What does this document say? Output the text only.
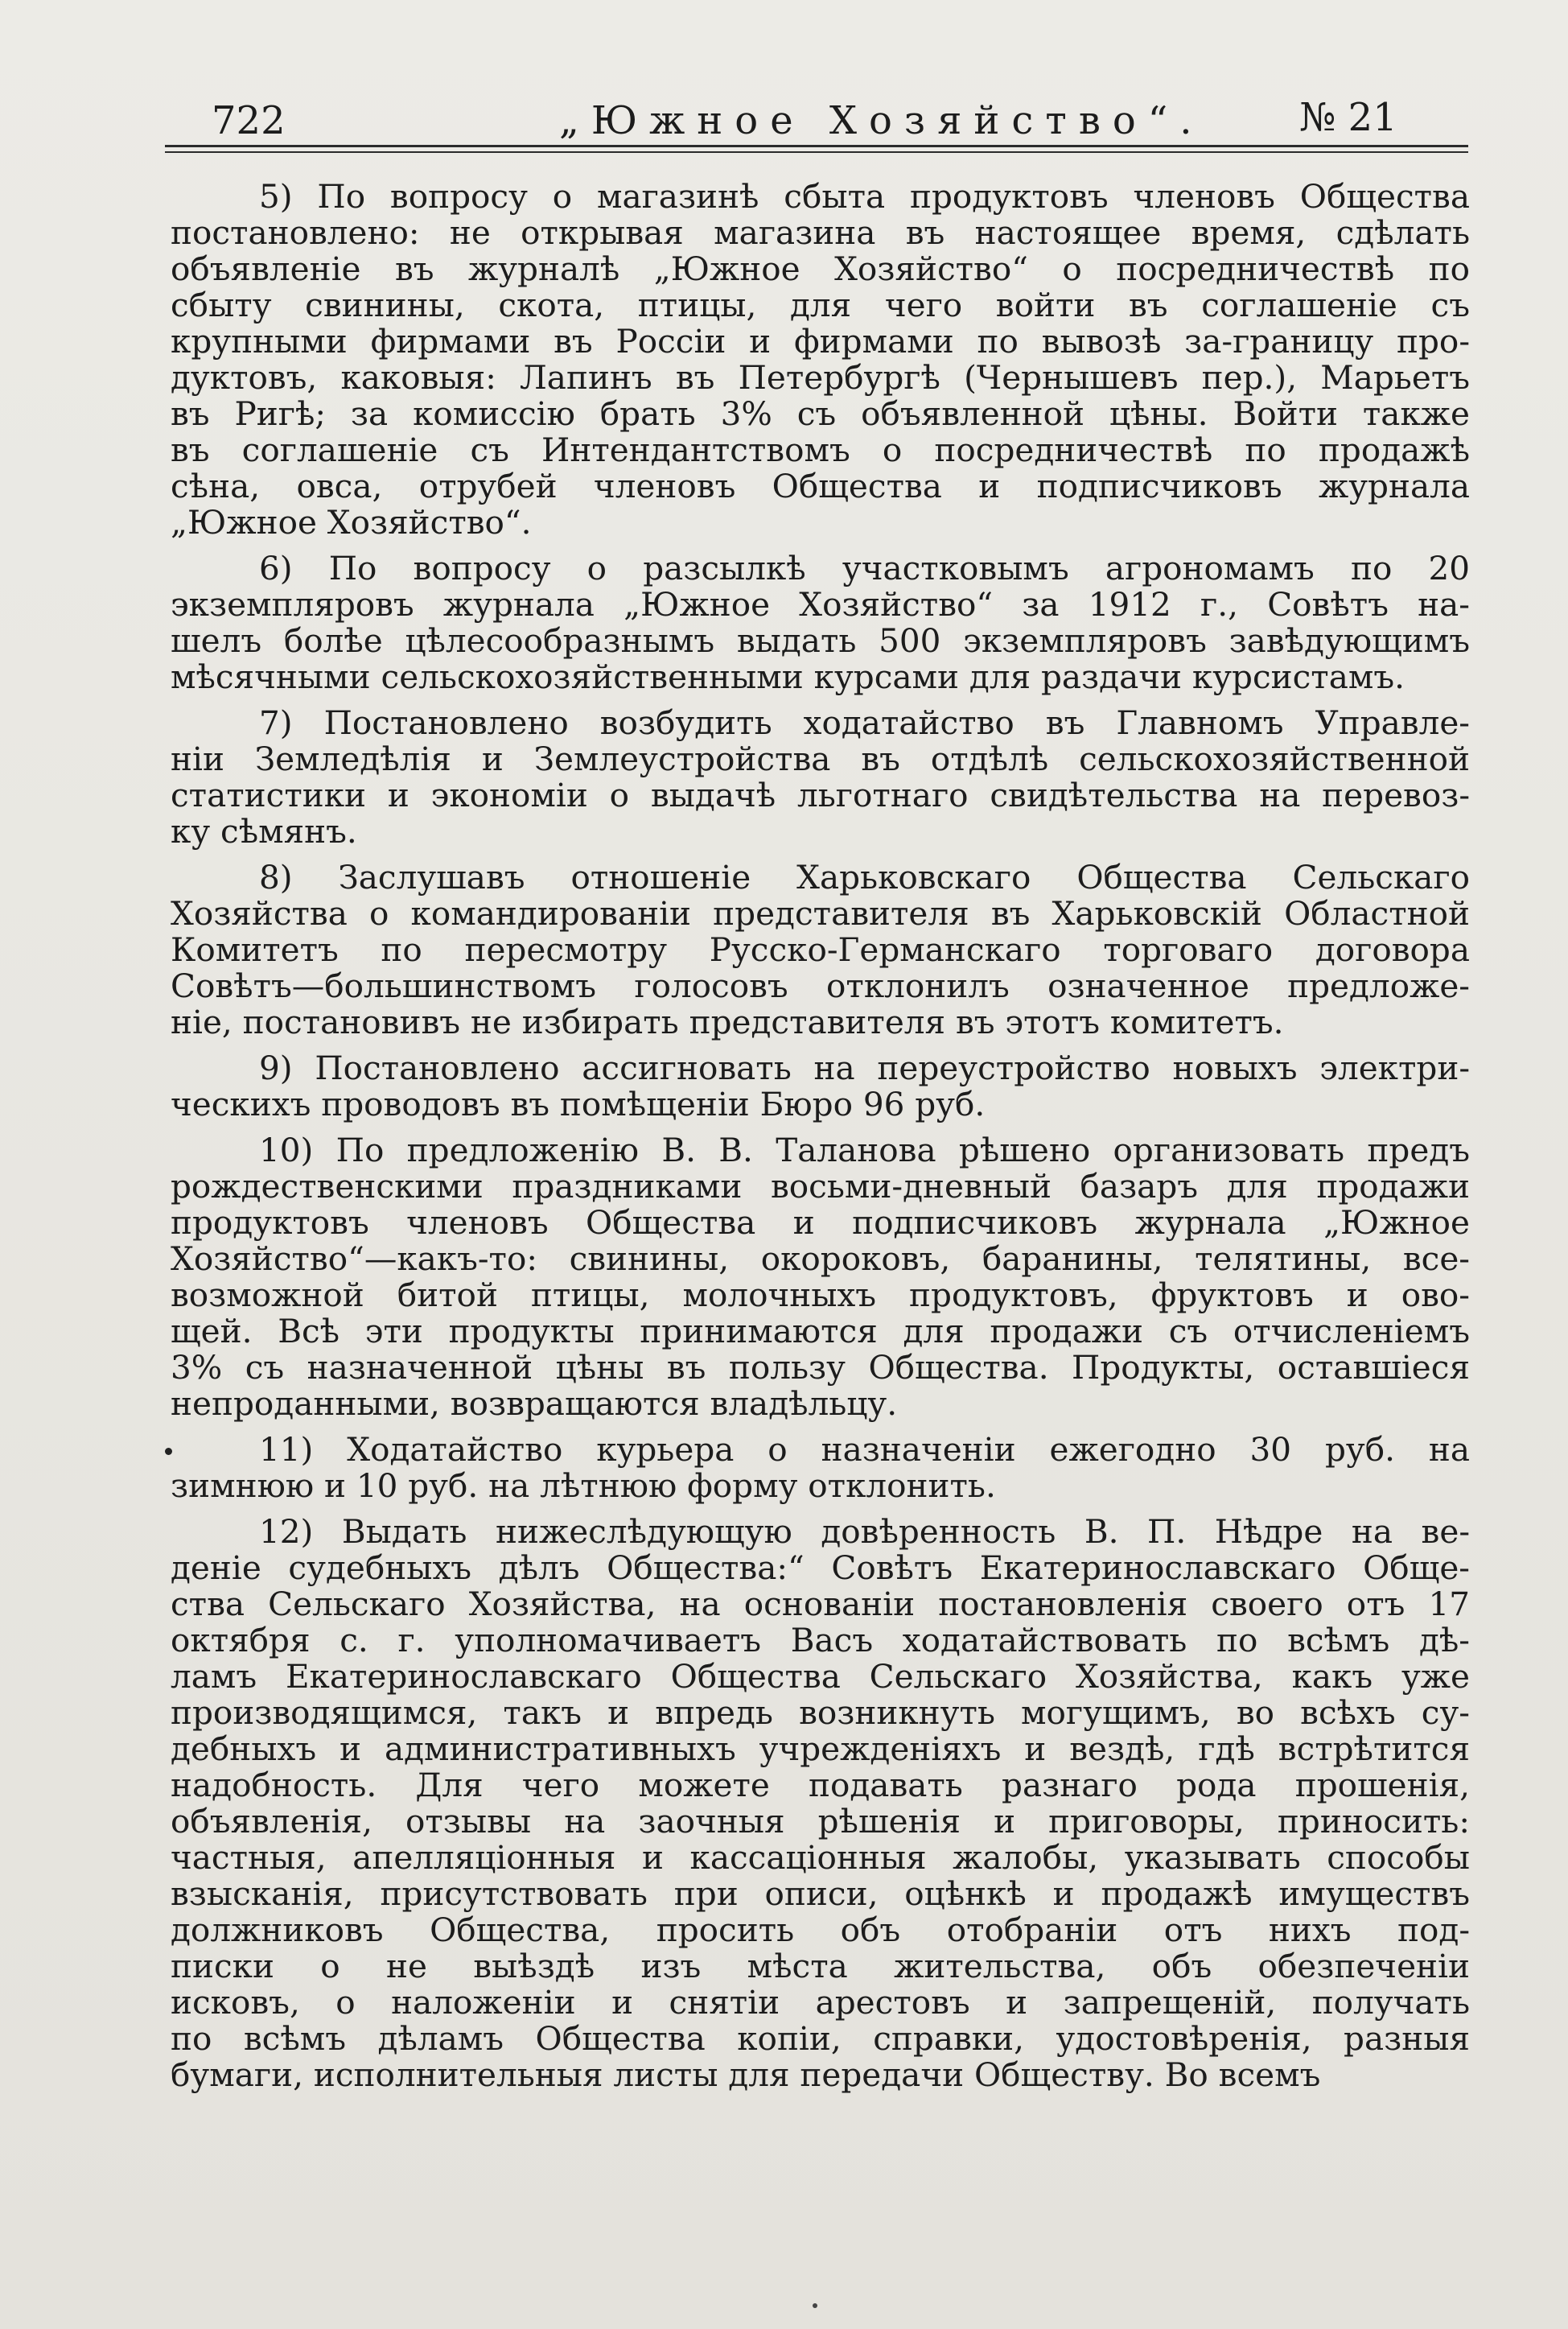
722	„Южное Хозяйство“. № 21
5) По вопросу о магазинѣ сбыта продуктовъ членовъ Общества
постановлено: не открывая магазина въ настоящее время, сдѣлать
объявленіе въ журналѣ „Южное Хозяйство“ о посредничествѣ по
сбыту свинины, скота, птицы, для чего войти въ соглашеніе съ
крупными фирмами въ Россіи и фирмами по вывозѣ за-границу про-
дуктовъ, каковыя: Лапинъ въ Петербургѣ (Чернышевъ пер.), Марьетъ
въ Ригѣ; за комиссію брать 3% съ объявленной цѣны. Войти также
въ соглашеніе съ Интендантствомъ о посредничествѣ по продажѣ
сѣна, овса, отрубей членовъ Общества и подписчиковъ журнала
„Южное Хозяйство“.
6) По вопросу о разсылкѣ участковымъ агрономамъ по 20
экземпляровъ журнала „Южное Хозяйство“ за 1912 г., Совѣтъ на-
шелъ болѣе цѣлесообразнымъ выдать 500 экземпляровъ завѣдующимъ
мѣсячными сельскохозяйственными курсами для раздачи курсистамъ.
7) Постановлено возбудить ходатайство въ Главномъ Управле-
ніи Земледѣлія и Землеустройства въ отдѣлѣ сельскохозяйственной
статистики и экономіи о выдачѣ льготнаго свидѣтельства на перевоз-
ку сѣмянъ.
8) Заслушавъ отношеніе Харьковскаго Общества Сельскаго
Хозяйства о командированіи представителя въ Харьковскій Областной
Комитетъ по пересмотру Русско-Германскаго торговаго договора
Совѣтъ—большинствомъ голосовъ отклонилъ означенное предложе-
ніе, постановивъ не избирать представителя въ этотъ комитетъ.
9) Постановлено ассигновать на переустройство новыхъ электри-
ческихъ проводовъ въ помѣщеніи Бюро 96 руб.
10) По предложенію В. В. Таланова рѣшено организовать предъ
рождественскими праздниками восьми-дневный базаръ для продажи
продуктовъ членовъ Общества и подписчиковъ журнала „Южное
Хозяйство“—какъ-то: свинины, окороковъ, баранины, телятины, все-
возможной битой птицы, молочныхъ продуктовъ, фруктовъ и ово-
щей. Всѣ эти продукты принимаются для продажи съ отчисленіемъ
3% съ назначенной цѣны въ пользу Общества. Продукты, оставшіеся
непроданными, возвращаются владѣльцу.
11) Ходатайство курьера о назначеніи ежегодно 30 руб. на
зимнюю и 10 руб. на лѣтнюю форму отклонить.
12) Выдать нижеслѣдующую довѣренность В. П. Нѣдре на ве-
деніе судебныхъ дѣлъ Общества:“ Совѣтъ Екатеринославскаго Обще-
ства Сельскаго Хозяйства, на основаніи постановленія своего отъ 17
октября с. г. уполномачиваетъ Васъ ходатайствовать по всѣмъ дѣ-
ламъ Екатеринославскаго Общества Сельскаго Хозяйства, какъ уже
производящимся, такъ и впредь возникнуть могущимъ, во всѣхъ су-
дебныхъ и административныхъ учрежденіяхъ и вездѣ, гдѣ встрѣтится
надобность. Для чего можете подавать разнаго рода прошенія,
объявленія, отзывы на заочныя рѣшенія и приговоры, приносить:
частныя, апелляціонныя и кассаціонныя жалобы, указывать способы
взысканія, присутствовать при описи, оцѣнкѣ и продажѣ имуществъ
должниковъ Общества, просить объ отобраніи отъ нихъ под-
писки о не выѣздѣ изъ мѣста жительства, объ обезпеченіи
исковъ, о наложеніи и снятіи арестовъ и запрещеній, получать
по всѣмъ дѣламъ Общества копіи, справки, удостовѣренія, разныя
бумаги, исполнительныя листы для передачи Обществу. Во всемъ
